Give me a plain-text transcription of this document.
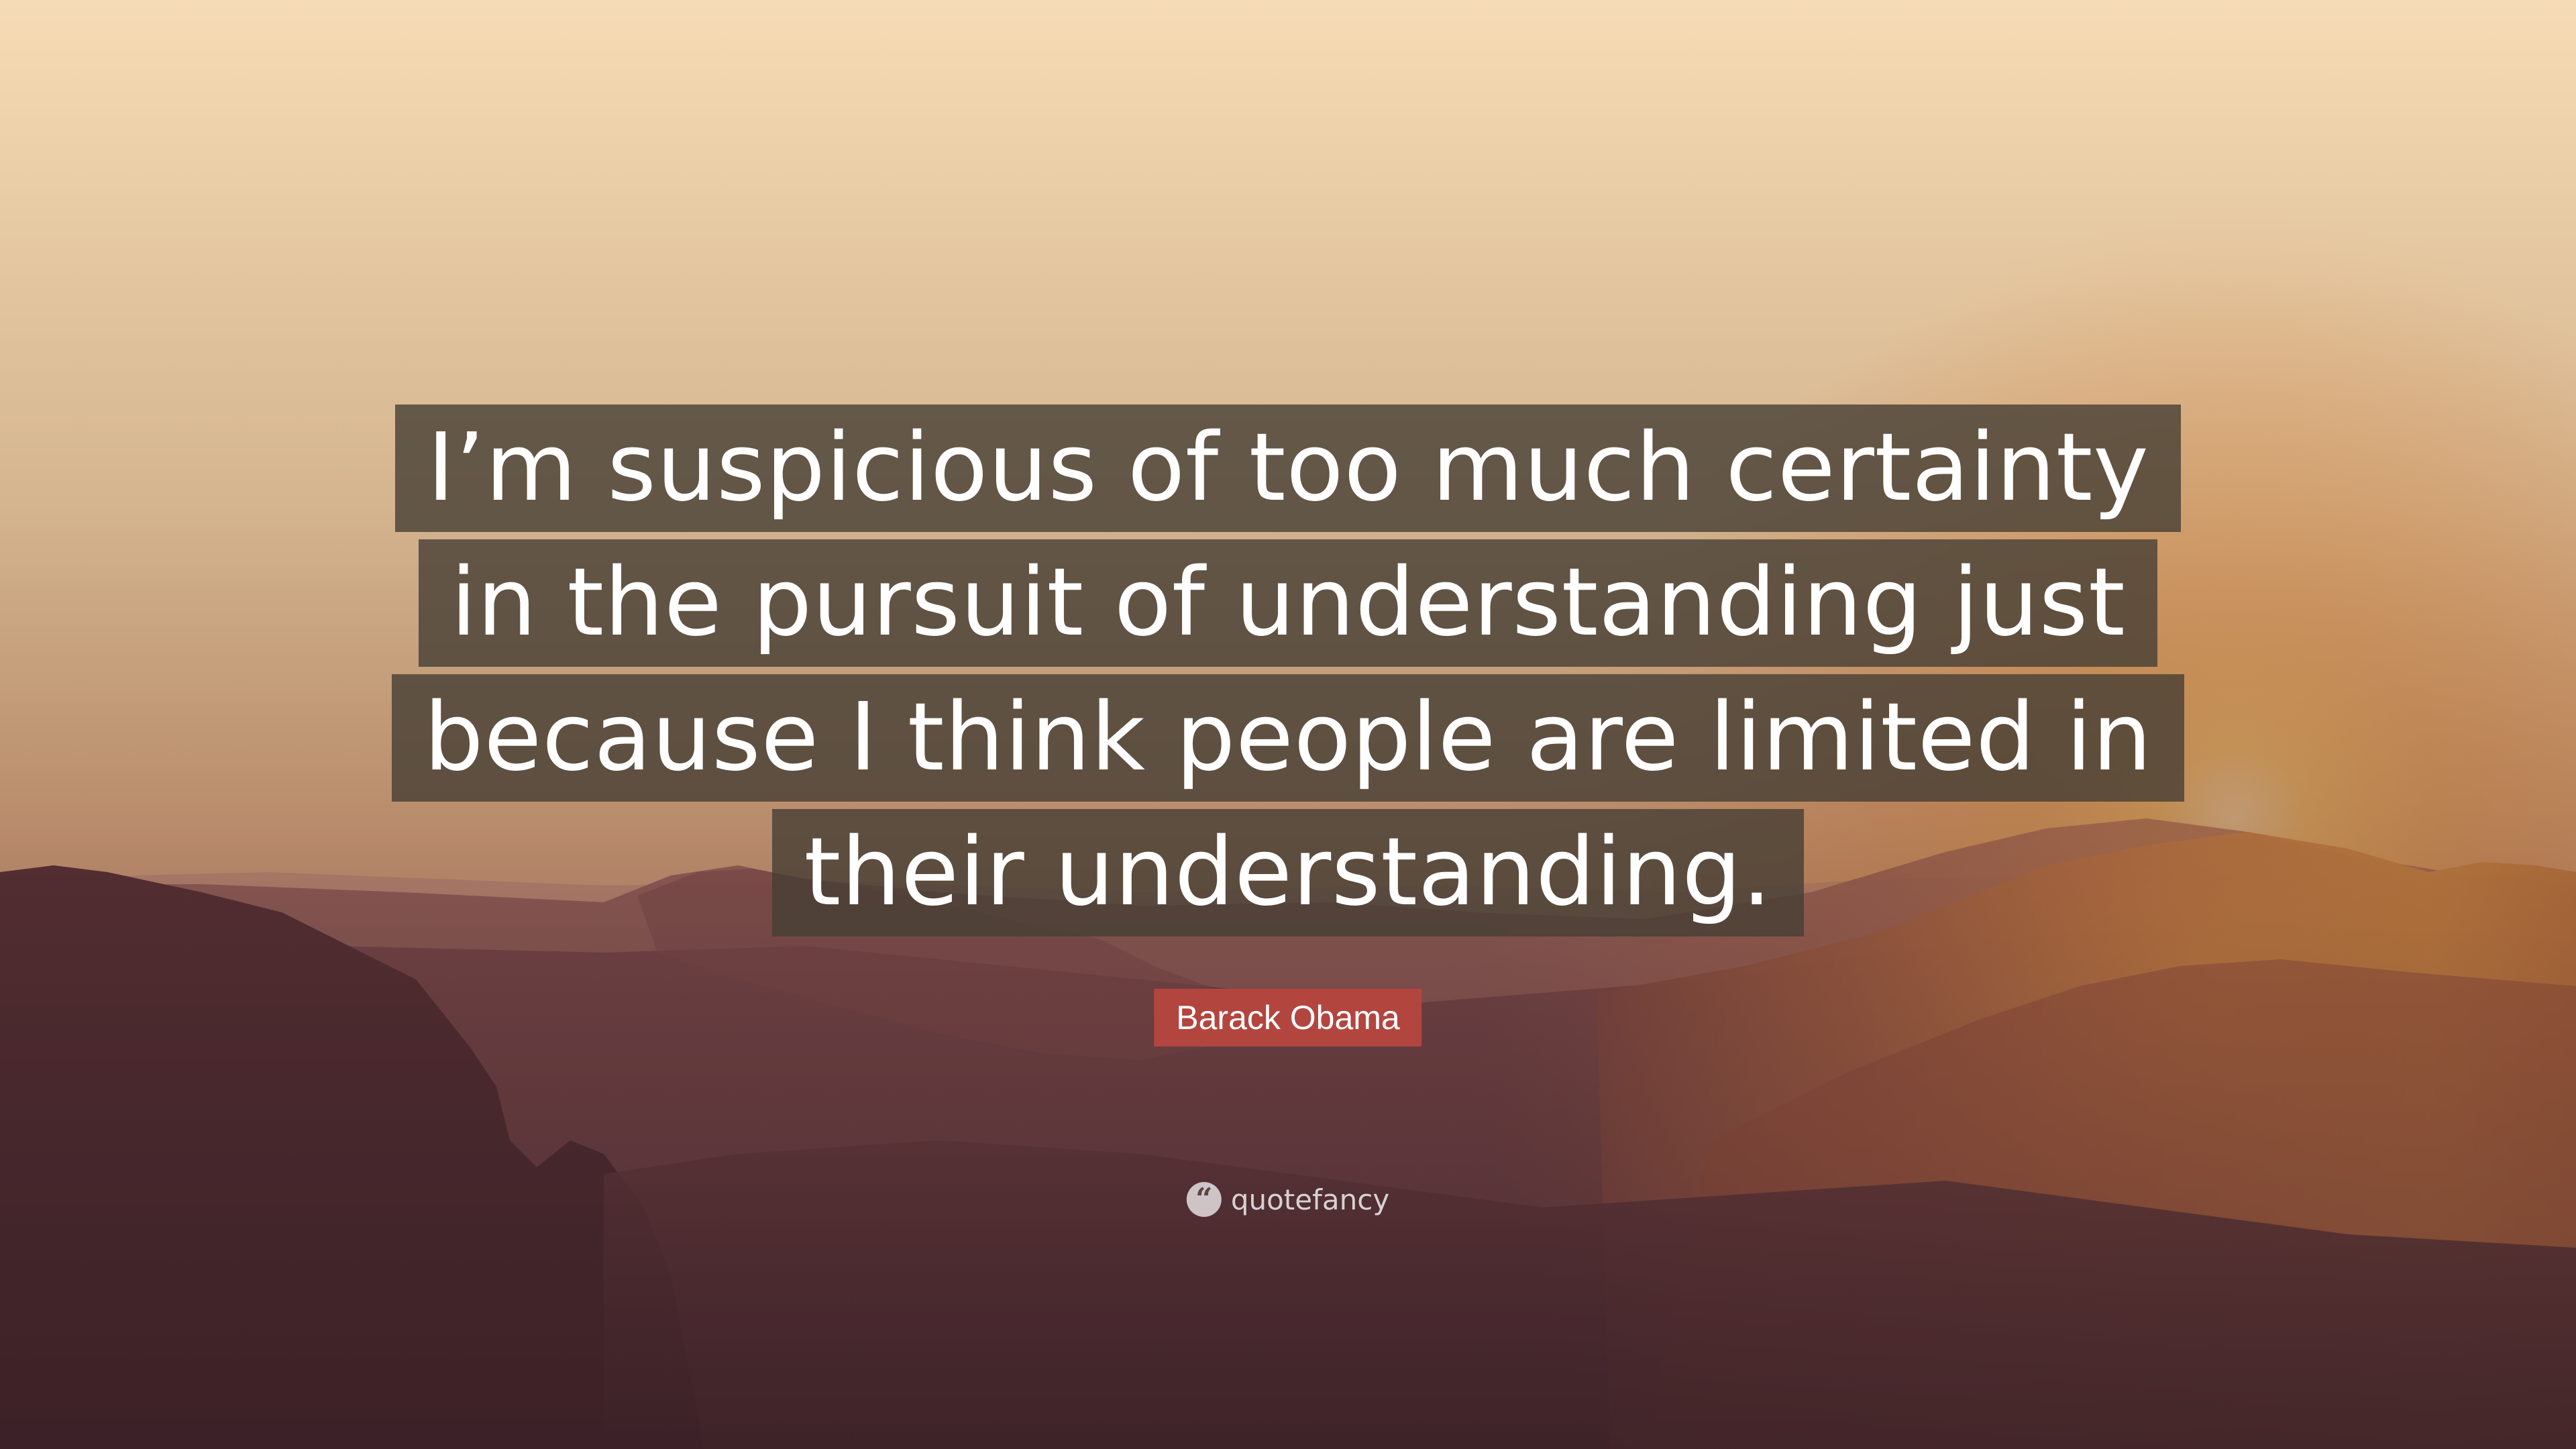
I’m suspicious of too much certainty
in the pursuit of understanding just
because I think people are limited in
their understanding.
Barack Obama
“ quotefancy
